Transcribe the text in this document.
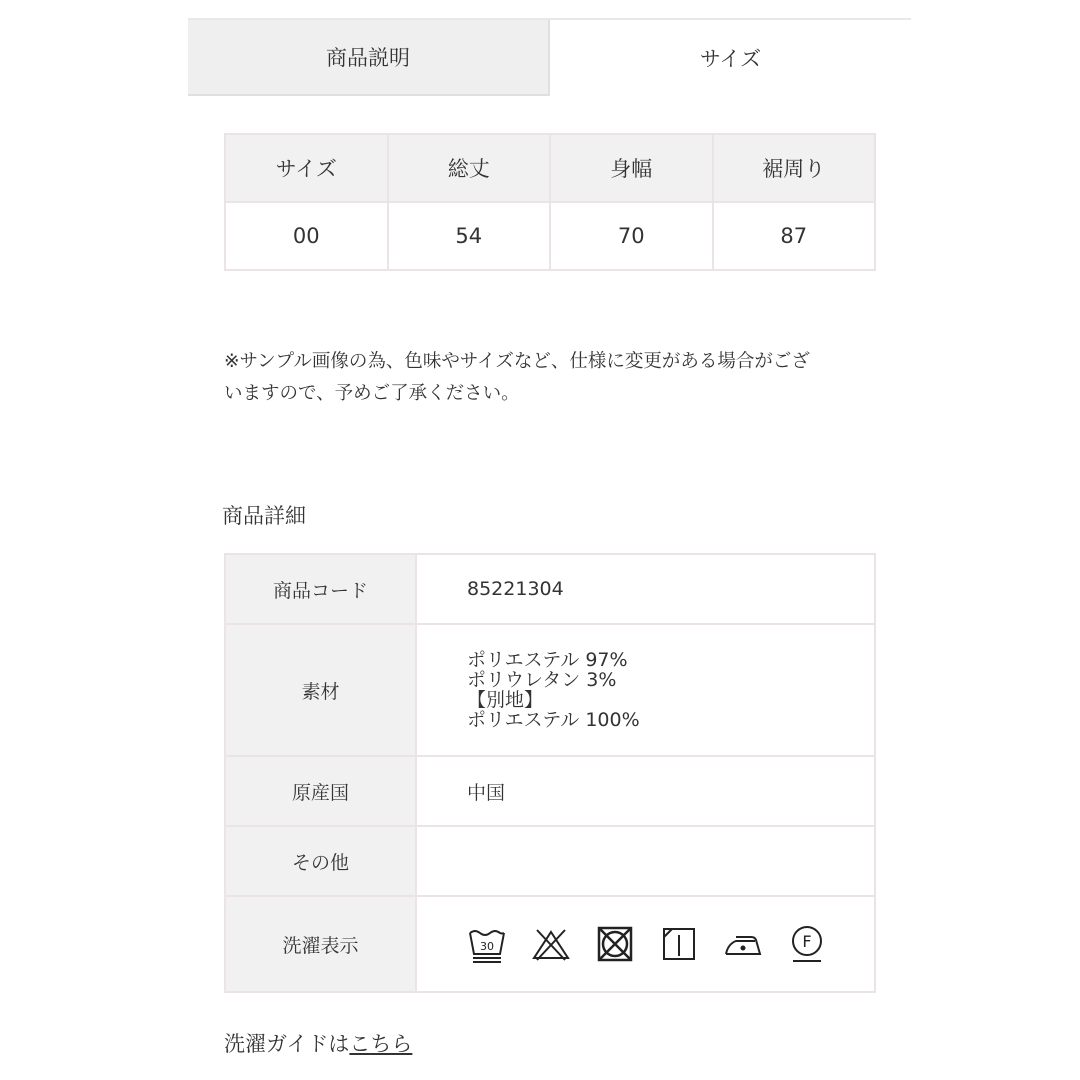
商品説明	サイズ
サイズ	総丈	身幅	裾周り
00	54	70	87

※サンプル画像の為、色味やサイズなど、仕様に変更がある場合がござ
いますので、予めご了承ください。

商品詳細
商品コード	85221304
素材	ポリエステル 97%
ポリウレタン 3%
【別地】
ポリエステル 100%

原産国	中国
その他	
洗濯表示	30 F

洗濯ガイドはこちら
